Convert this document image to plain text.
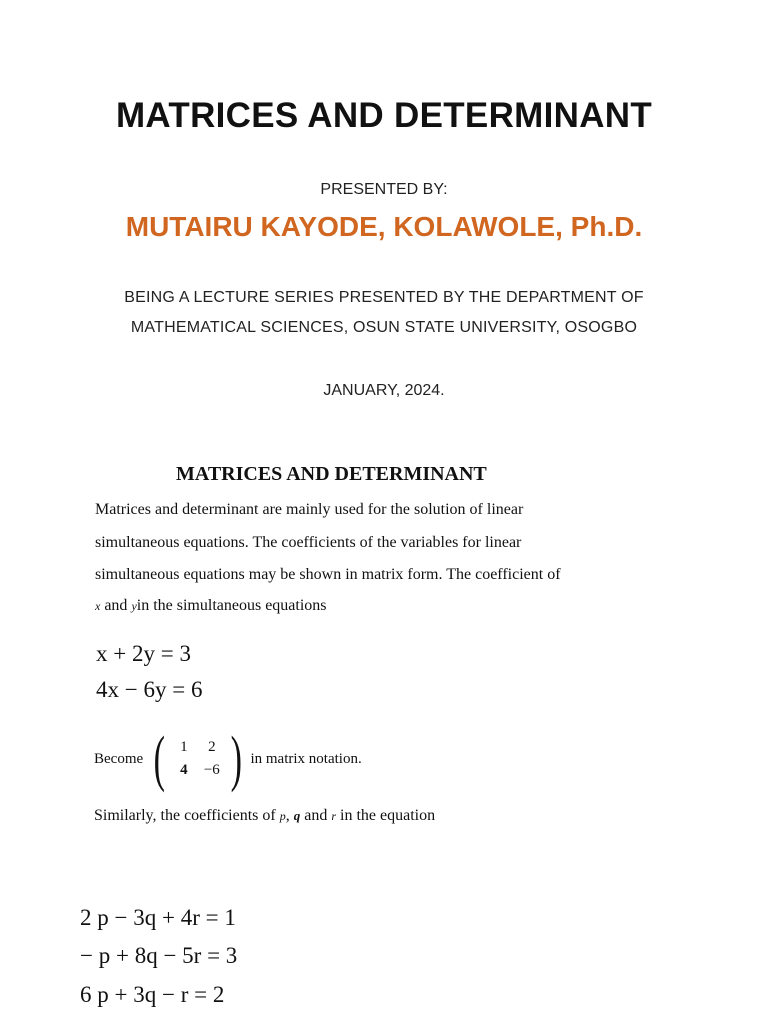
MATRICES AND DETERMINANT
PRESENTED BY:
MUTAIRU KAYODE, KOLAWOLE, Ph.D.
BEING A LECTURE SERIES PRESENTED BY THE DEPARTMENT OF
MATHEMATICAL SCIENCES, OSUN STATE UNIVERSITY, OSOGBO
JANUARY, 2024.
MATRICES AND DETERMINANT
Matrices and determinant are mainly used for the solution of linear
simultaneous equations. The coefficients of the variables for linear
simultaneous equations may be shown in matrix form. The coefficient of
x and yin the simultaneous equations
x + 2y = 3
4x − 6y = 6
Become ( 1	2
4	−6 ) in matrix notation.
Similarly, the coefficients of p, q and r in the equation
2 p − 3q + 4r = 1
− p + 8q − 5r = 3
6 p + 3q − r = 2
